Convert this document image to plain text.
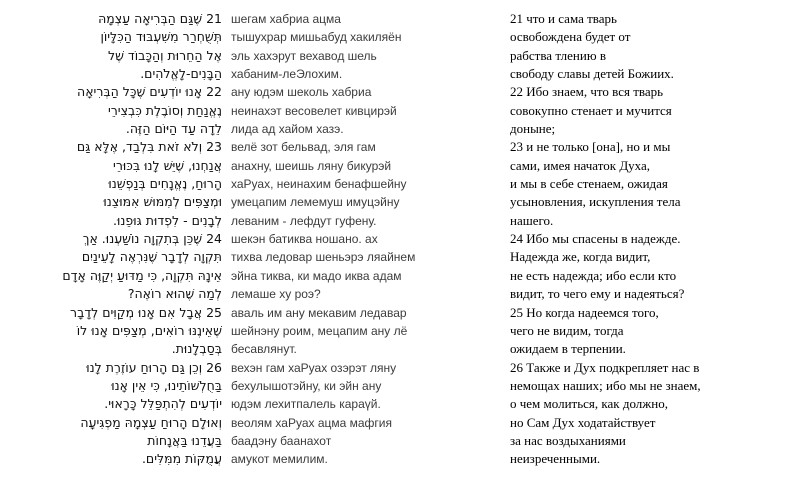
21 שֶׁגַּם הַבְּרִיאָה עַצְמָהּ
תְּשֻׁחְרַר מִשִּׁעְבּוּד הַכִּלָּיוֹן
אֶל הַחֵרוּת וְהַכָּבוֹד שֶׁל
הַבָּנִים-לָאֱלֹהִים.
22 אָנוּ יוֹדְעִים שֶׁכָּל הַבְּרִיאָה
נֶאֱנַחַת וְסוֹבֶלֶת כִּבְצִירֵי
לֵדָה עַד הַיּוֹם הַזֶּה.
23 וְלֹא זֹאת בִּלְבַד, אֶלָּא גַּם
אֲנַחְנוּ, שֶׁיֵּשׁ לָנוּ בִּכּוּרֵי
הָרוּחַ, נֶאֱנָחִים בְּנַפְשֵׁנוּ
וּמְצַפִּים לְמִמּוּשׁ אִמּוּצֵנוּ
לְבָנִים - לִפְדוּת גּוּפֵנוּ.
24 שֶׁכֵּן בְּתִקְוָה נוֹשַׁעְנוּ. אַךְ
תִּקְוָה לְדָבָר שֶׁנִּרְאֶה לָעֵינַיִם
אֵינָהּ תִּקְוָה, כִּי מַדּוּעַ יְקַוֶּה אָדָם
לְמַה שֶּׁהוּא רוֹאֶה?
25 אֲבָל אִם אָנוּ מְקַוִּים לְדָבָר
שֶׁאֵינֶנּוּ רוֹאִים, מְצַפִּים אָנוּ לוֹ
בְּסַבְלָנוּת.
26 וְכֵן גַּם הָרוּחַ עוֹזֶרֶת לָנוּ
בַּחֻלְשׁוֹתֵינוּ, כִּי אֵין אָנוּ
יוֹדְעִים לְהִתְפַּלֵּל כָּרָאוּי.
וְאוּלָם הָרוּחַ עַצְמָהּ מַפְגִּיעָה
בַּעֲדֵנוּ בַּאֲנָחוֹת
עֲמֻקּוֹת מִמִּלִּים.
шегам хабриа ацма
тышухрар мишьабуд хакиляён
эль хахэрут вехавод шель
хабаним-леЭлохим.
ану юдэм шеколь хабриа
неинахэт весовелет кивцирэй
лида ад хайом хазэ.
велё зот бельвад, эля гам
анахну, шеишь ляну бикурэй
хаРуах, неинахим бенафшейну
умецапим лемемуш имуцэйну
леваним - лефдут гуфену.
шекэн батиква ношано. ах
тихва ледовар шеньэрэ ляайнем
эйна тиква, ки мадо иква адам
лемаше ху роэ?
аваль им ану мекавим ледавар
шейнэну роим, мецапим ану лё
бесавлянут.
вехэн гам хаРуах озэрэт ляну
бехулышотэйну, ки эйн ану
юдэм лехитпалель караүй.
веолям хаРуах ацма мафгия
баадэну баанахот
амукот мемилим.
21 что и сама тварь
освобождена будет от
рабства тлению в
свободу славы детей Божиих.
22 Ибо знаем, что вся тварь
совокупно стенает и мучится
доныне;
23 и не только [она], но и мы
сами, имея начаток Духа,
и мы в себе стенаем, ожидая
усыновления, искупления тела
нашего.
24 Ибо мы спасены в надежде.
Надежда же, когда видит,
не есть надежда; ибо если кто
видит, то чего ему и надеяться?
25 Но когда надеемся того,
чего не видим, тогда
ожидаем в терпении.
26 Также и Дух подкрепляет нас в
немощах наших; ибо мы не знаем,
о чем молиться, как должно,
но Сам Дух ходатайствует
за нас воздыханиями
неизреченными.
